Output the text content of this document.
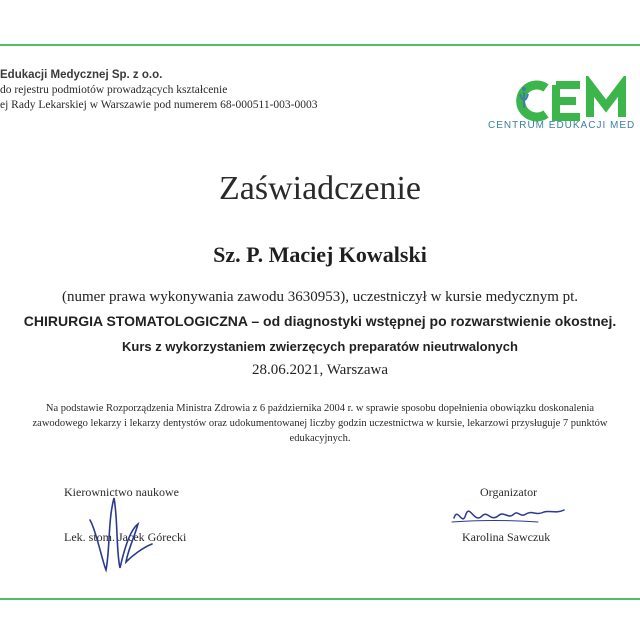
Edukacji Medycznej Sp. z o.o.
do rejestru podmiotów prowadzących kształcenie
ej Rady Lekarskiej w Warszawie pod numerem 68-000511-003-0003
CENTRUM EDUKACJI MED
Zaświadczenie
Sz. P. Maciej Kowalski
(numer prawa wykonywania zawodu 3630953), uczestniczył w kursie medycznym pt.
CHIRURGIA STOMATOLOGICZNA – od diagnostyki wstępnej po rozwarstwienie okostnej.
Kurs z wykorzystaniem zwierzęcych preparatów nieutrwalonych
28.06.2021, Warszawa
Na podstawie Rozporządzenia Ministra Zdrowia z 6 października 2004 r. w sprawie sposobu dopełnienia obowiązku doskonalenia zawodowego lekarzy i lekarzy dentystów oraz udokumentowanej liczby godzin uczestnictwa w kursie, lekarzowi przysługuje 7 punktów edukacyjnych.
Kierownictwo naukowe
Lek. stom. Jacek Górecki
Organizator
Karolina Sawczuk
